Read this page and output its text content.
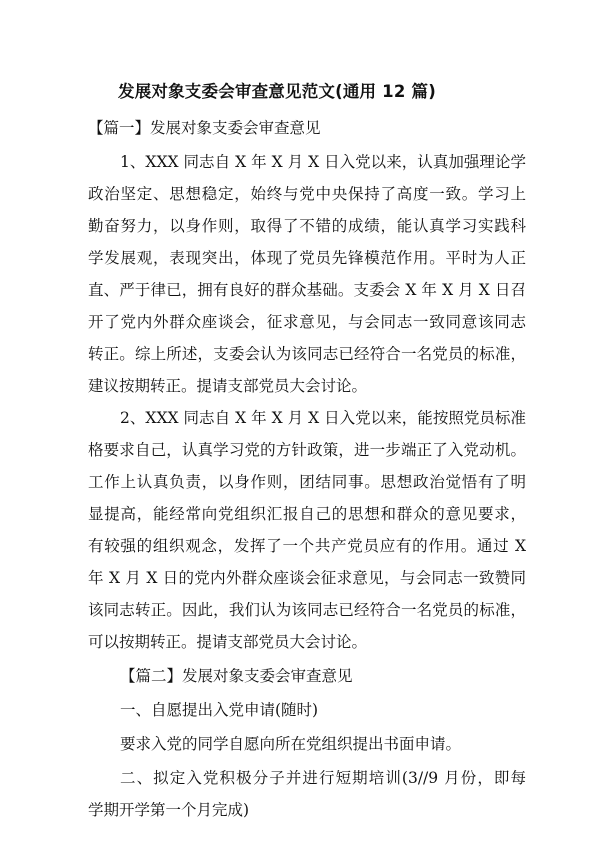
发展对象支委会审查意见范文(通用 12 篇)
【篇一】发展对象支委会审查意见
1、XXX 同志自 X 年 X 月 X 日入党以来，认真加强理论学
政治坚定、思想稳定，始终与党中央保持了高度一致。学习上
勤奋努力，以身作则，取得了不错的成绩，能认真学习实践科
学发展观，表现突出，体现了党员先锋模范作用。平时为人正
直、严于律已，拥有良好的群众基础。支委会 X 年 X 月 X 日召
开了党内外群众座谈会，征求意见，与会同志一致同意该同志
转正。综上所述，支委会认为该同志已经符合一名党员的标准，
建议按期转正。提请支部党员大会讨论。
2、XXX 同志自 X 年 X 月 X 日入党以来，能按照党员标准
格要求自己，认真学习党的方针政策，进一步端正了入党动机。
工作上认真负责，以身作则，团结同事。思想政治觉悟有了明
显提高，能经常向党组织汇报自己的思想和群众的意见要求，
有较强的组织观念，发挥了一个共产党员应有的作用。通过 X
年 X 月 X 日的党内外群众座谈会征求意见，与会同志一致赞同
该同志转正。因此，我们认为该同志已经符合一名党员的标准，
可以按期转正。提请支部党员大会讨论。
【篇二】发展对象支委会审查意见
一、自愿提出入党申请(随时)
要求入党的同学自愿向所在党组织提出书面申请。
二、拟定入党积极分子并进行短期培训(3//9 月份，即每
学期开学第一个月完成)
